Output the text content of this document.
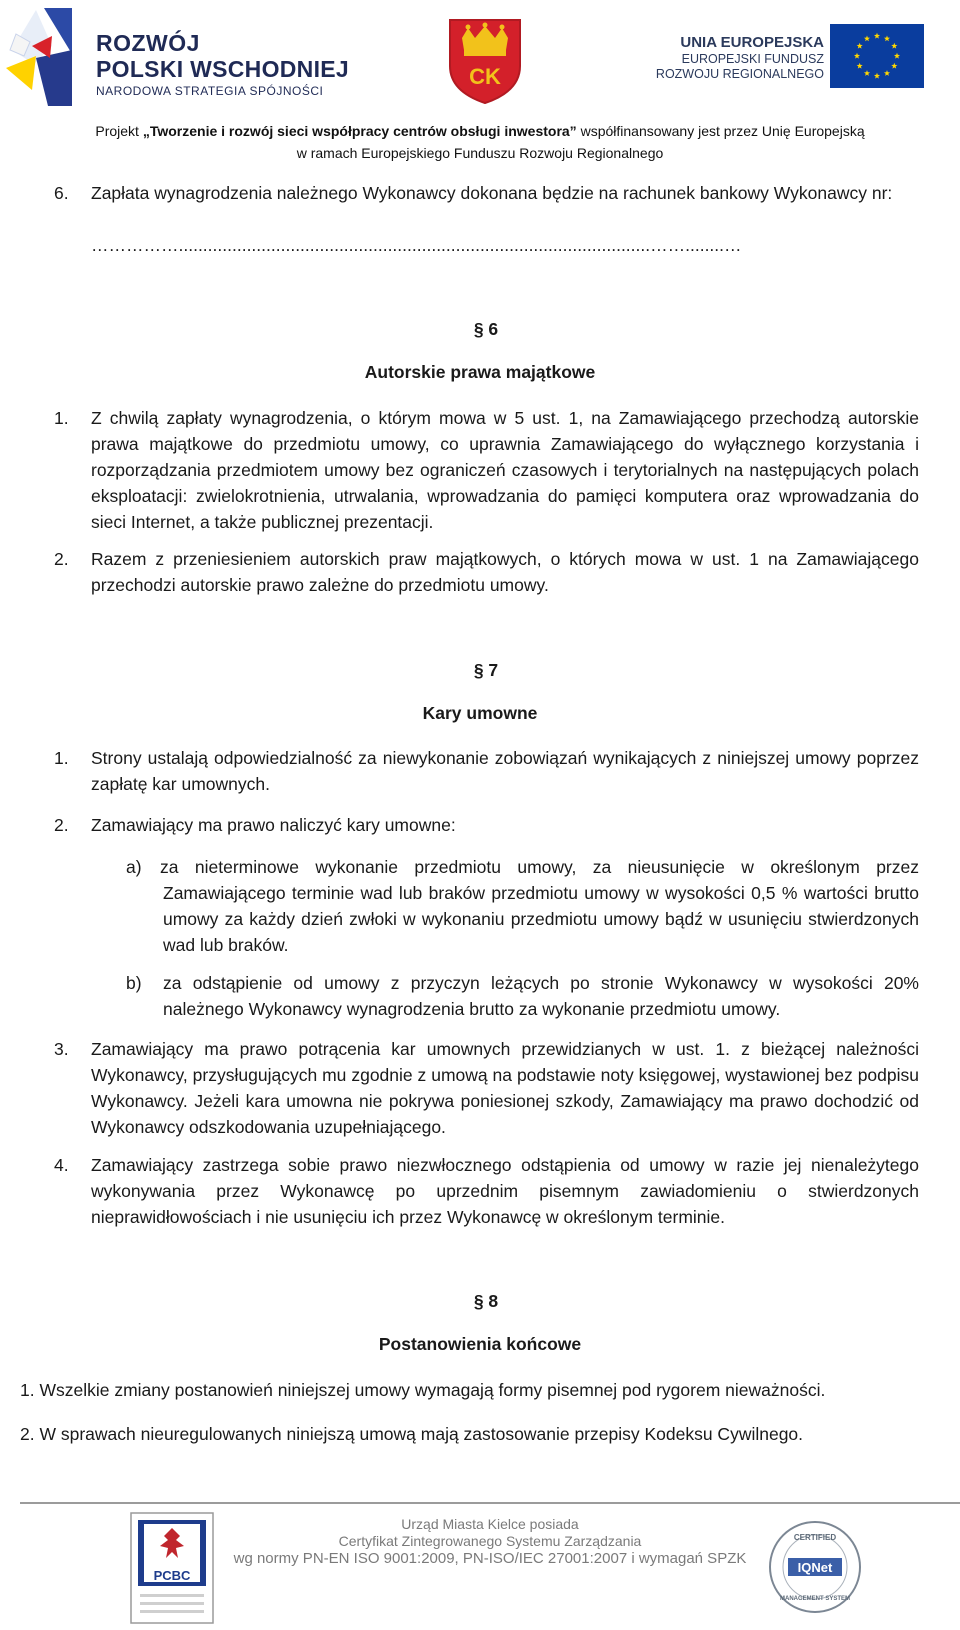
ROZWÓJ
POLSKI WSCHODNIEJ
NARODOWA STRATEGIA SPÓJNOŚCI
CK
UNIA EUROPEJSKA
EUROPEJSKI FUNDUSZ
ROZWOJU REGIONALNEGO
Projekt „Tworzenie i rozwój sieci współpracy centrów obsługi inwestora” współfinansowany jest przez Unię Europejską
w ramach Europejskiego Funduszu Rozwoju Regionalnego
6. Zapłata wynagrodzenia należnego Wykonawcy dokonana będzie na rachunek bankowy Wykonawcy nr:
…………….................................................................................................……........…
§ 6
Autorskie prawa majątkowe
1. Z chwilą zapłaty wynagrodzenia, o którym mowa w 5 ust. 1, na Zamawiającego przechodzą autorskie prawa majątkowe do przedmiotu umowy, co uprawnia Zamawiającego do wyłącznego korzystania i rozporządzania przedmiotem umowy bez ograniczeń czasowych i terytorialnych na następujących polach eksploatacji: zwielokrotnienia, utrwalania, wprowadzania do pamięci komputera oraz wprowadzania do sieci Internet, a także publicznej prezentacji.
2. Razem z przeniesieniem autorskich praw majątkowych, o których mowa w ust. 1 na Zamawiającego przechodzi autorskie prawo zależne do przedmiotu umowy.
§ 7
Kary umowne
1. Strony ustalają odpowiedzialność za niewykonanie zobowiązań wynikających z niniejszej umowy poprzez zapłatę kar umownych.
2. Zamawiający ma prawo naliczyć kary umowne:
a) za nieterminowe wykonanie przedmiotu umowy, za nieusunięcie w określonym przez Zamawiającego terminie wad lub braków przedmiotu umowy w wysokości 0,5 % wartości brutto umowy za każdy dzień zwłoki w wykonaniu przedmiotu umowy bądź w usunięciu stwierdzonych wad lub braków.
b) za odstąpienie od umowy z przyczyn leżących po stronie Wykonawcy w wysokości 20% należnego Wykonawcy wynagrodzenia brutto za wykonanie przedmiotu umowy.
3. Zamawiający ma prawo potrącenia kar umownych przewidzianych w ust. 1. z bieżącej należności Wykonawcy, przysługujących mu zgodnie z umową na podstawie noty księgowej, wystawionej bez podpisu Wykonawcy. Jeżeli kara umowna nie pokrywa poniesionej szkody, Zamawiający ma prawo dochodzić od Wykonawcy odszkodowania uzupełniającego.
4. Zamawiający zastrzega sobie prawo niezwłocznego odstąpienia od umowy w razie jej nienależytego wykonywania przez Wykonawcę po uprzednim pisemnym zawiadomieniu o stwierdzonych nieprawidłowościach i nie usunięciu ich przez Wykonawcę w określonym terminie.
§ 8
Postanowienia końcowe
1. Wszelkie zmiany postanowień niniejszej umowy wymagają formy pisemnej pod rygorem nieważności.
2. W sprawach nieuregulowanych niniejszą umową mają zastosowanie przepisy Kodeksu Cywilnego.
PCBC
Urząd Miasta Kielce posiada
Certyfikat Zintegrowanego Systemu Zarządzania
wg normy PN-EN ISO 9001:2009, PN-ISO/IEC 27001:2007 i wymagań SPZK
CERTIFIED
IQNet
MANAGEMENT SYSTEM
